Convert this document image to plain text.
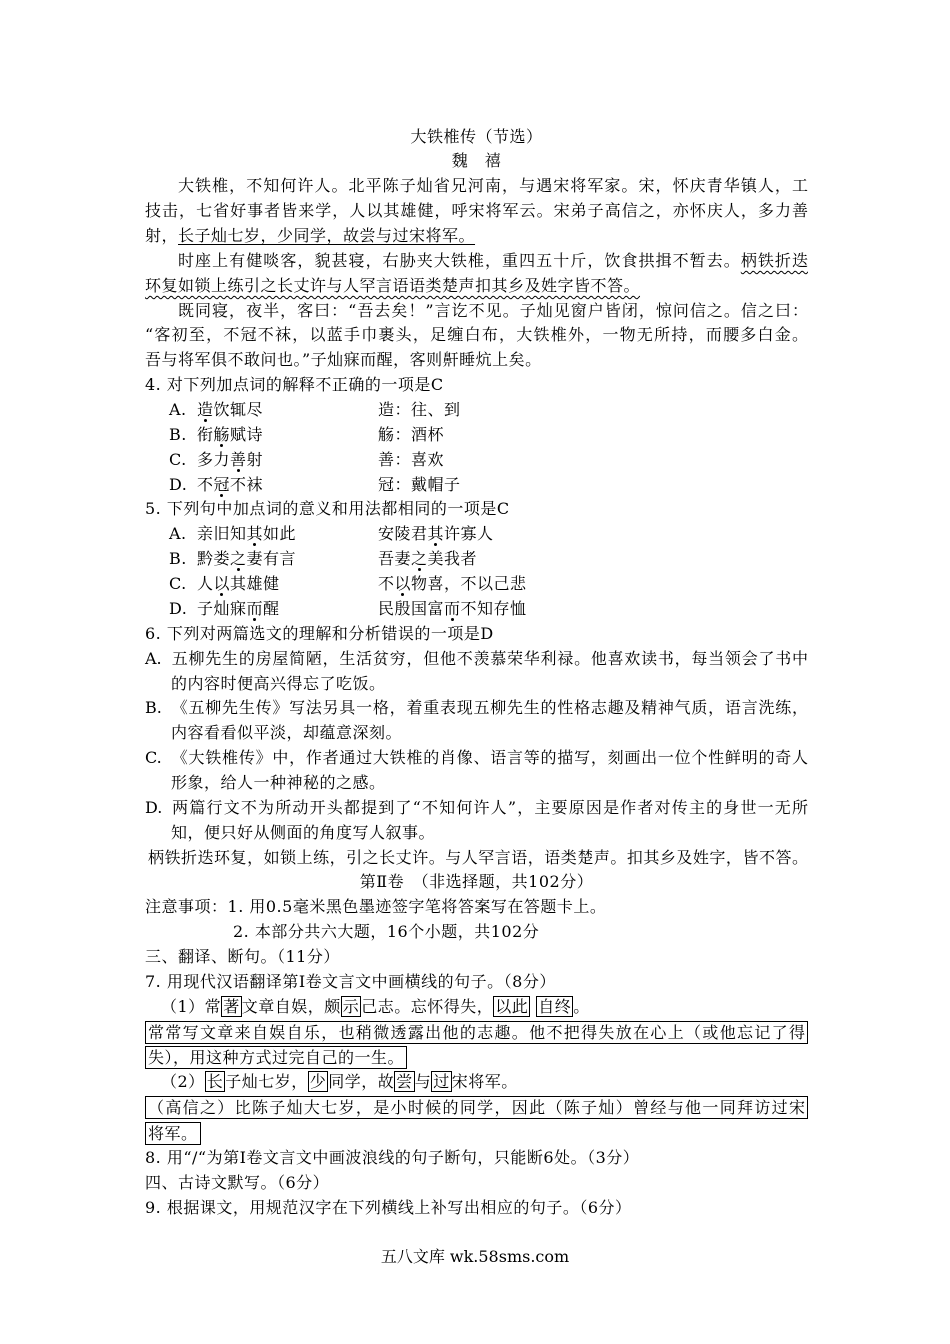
大铁椎传（节选）
魏　禧
大铁椎，不知何许人。北平陈子灿省兄河南，与遇宋将军家。宋，怀庆青华镇人，工
技击，七省好事者皆来学，人以其雄健，呼宋将军云。宋弟子高信之，亦怀庆人，多力善
射，长子灿七岁，少同学，故尝与过宋将军。
时座上有健啖客，貌甚寝，右胁夹大铁椎，重四五十斤，饮食拱揖不暂去。柄铁折迭
环复如锁上练引之长丈许与人罕言语语类楚声扣其乡及姓字皆不答。
既同寝，夜半，客曰：“吾去矣！”言讫不见。子灿见窗户皆闭，惊问信之。信之曰：
“客初至，不冠不袜，以蓝手巾裹头，足缠白布，大铁椎外，一物无所持，而腰多白金。
吾与将军俱不敢问也。”子灿寐而醒，客则鼾睡炕上矣。
4. 对下列加点词的解释不正确的一项是C
A. 造饮辄尽	造：往、到
B. 衔觞赋诗	觞：酒杯
C. 多力善射	善：喜欢
D. 不冠不袜	冠：戴帽子
5. 下列句中加点词的意义和用法都相同的一项是C
A. 亲旧知其如此	安陵君其许寡人
B. 黔娄之妻有言	吾妻之美我者
C. 人以其雄健	不以物喜，不以己悲
D. 子灿寐而醒	民殷国富而不知存恤
6. 下列对两篇选文的理解和分析错误的一项是D
A. 五柳先生的房屋简陋，生活贫穷，但他不羡慕荣华利禄。他喜欢读书，每当领会了书中
的内容时便高兴得忘了吃饭。
B. 《五柳先生传》写法另具一格，着重表现五柳先生的性格志趣及精神气质，语言洗练，
内容看看似平淡，却蕴意深刻。
C. 《大铁椎传》中，作者通过大铁椎的肖像、语言等的描写，刻画出一位个性鲜明的奇人
形象，给人一种神秘的之感。
D. 两篇行文不为所动开头都提到了“不知何许人”，主要原因是作者对传主的身世一无所
知，便只好从侧面的角度写人叙事。
柄铁折迭环复，如锁上练，引之长丈许。与人罕言语，语类楚声。扣其乡及姓字，皆不答。
第Ⅱ卷　（非选择题，共102分）
注意事项：1. 用0.5毫米黑色墨迹签字笔将答案写在答题卡上。
2. 本部分共六大题，16个小题，共102分
三、翻译、断句。（11分）
7. 用现代汉语翻译第Ⅰ卷文言文中画横线的句子。（8分）
（1）常 著 文章自娱，颇 示 己志。忘怀得失， 以此 自终 。
常常写文章来自娱自乐，也稍微透露出他的志趣。他不把得失放在心上（或他忘记了得
失），用这种方式过完自己的一生。
（2） 长 子灿七岁， 少 同学，故 尝 与 过 宋将军。
（高信之）比陈子灿大七岁，是小时候的同学，因此（陈子灿）曾经与他一同拜访过宋
将军。
8. 用“/“为第Ⅰ卷文言文中画波浪线的句子断句，只能断6处。（3分）
四、古诗文默写。（6分）
9. 根据课文，用规范汉字在下列横线上补写出相应的句子。（6分）
五八文库 wk.58sms.com
